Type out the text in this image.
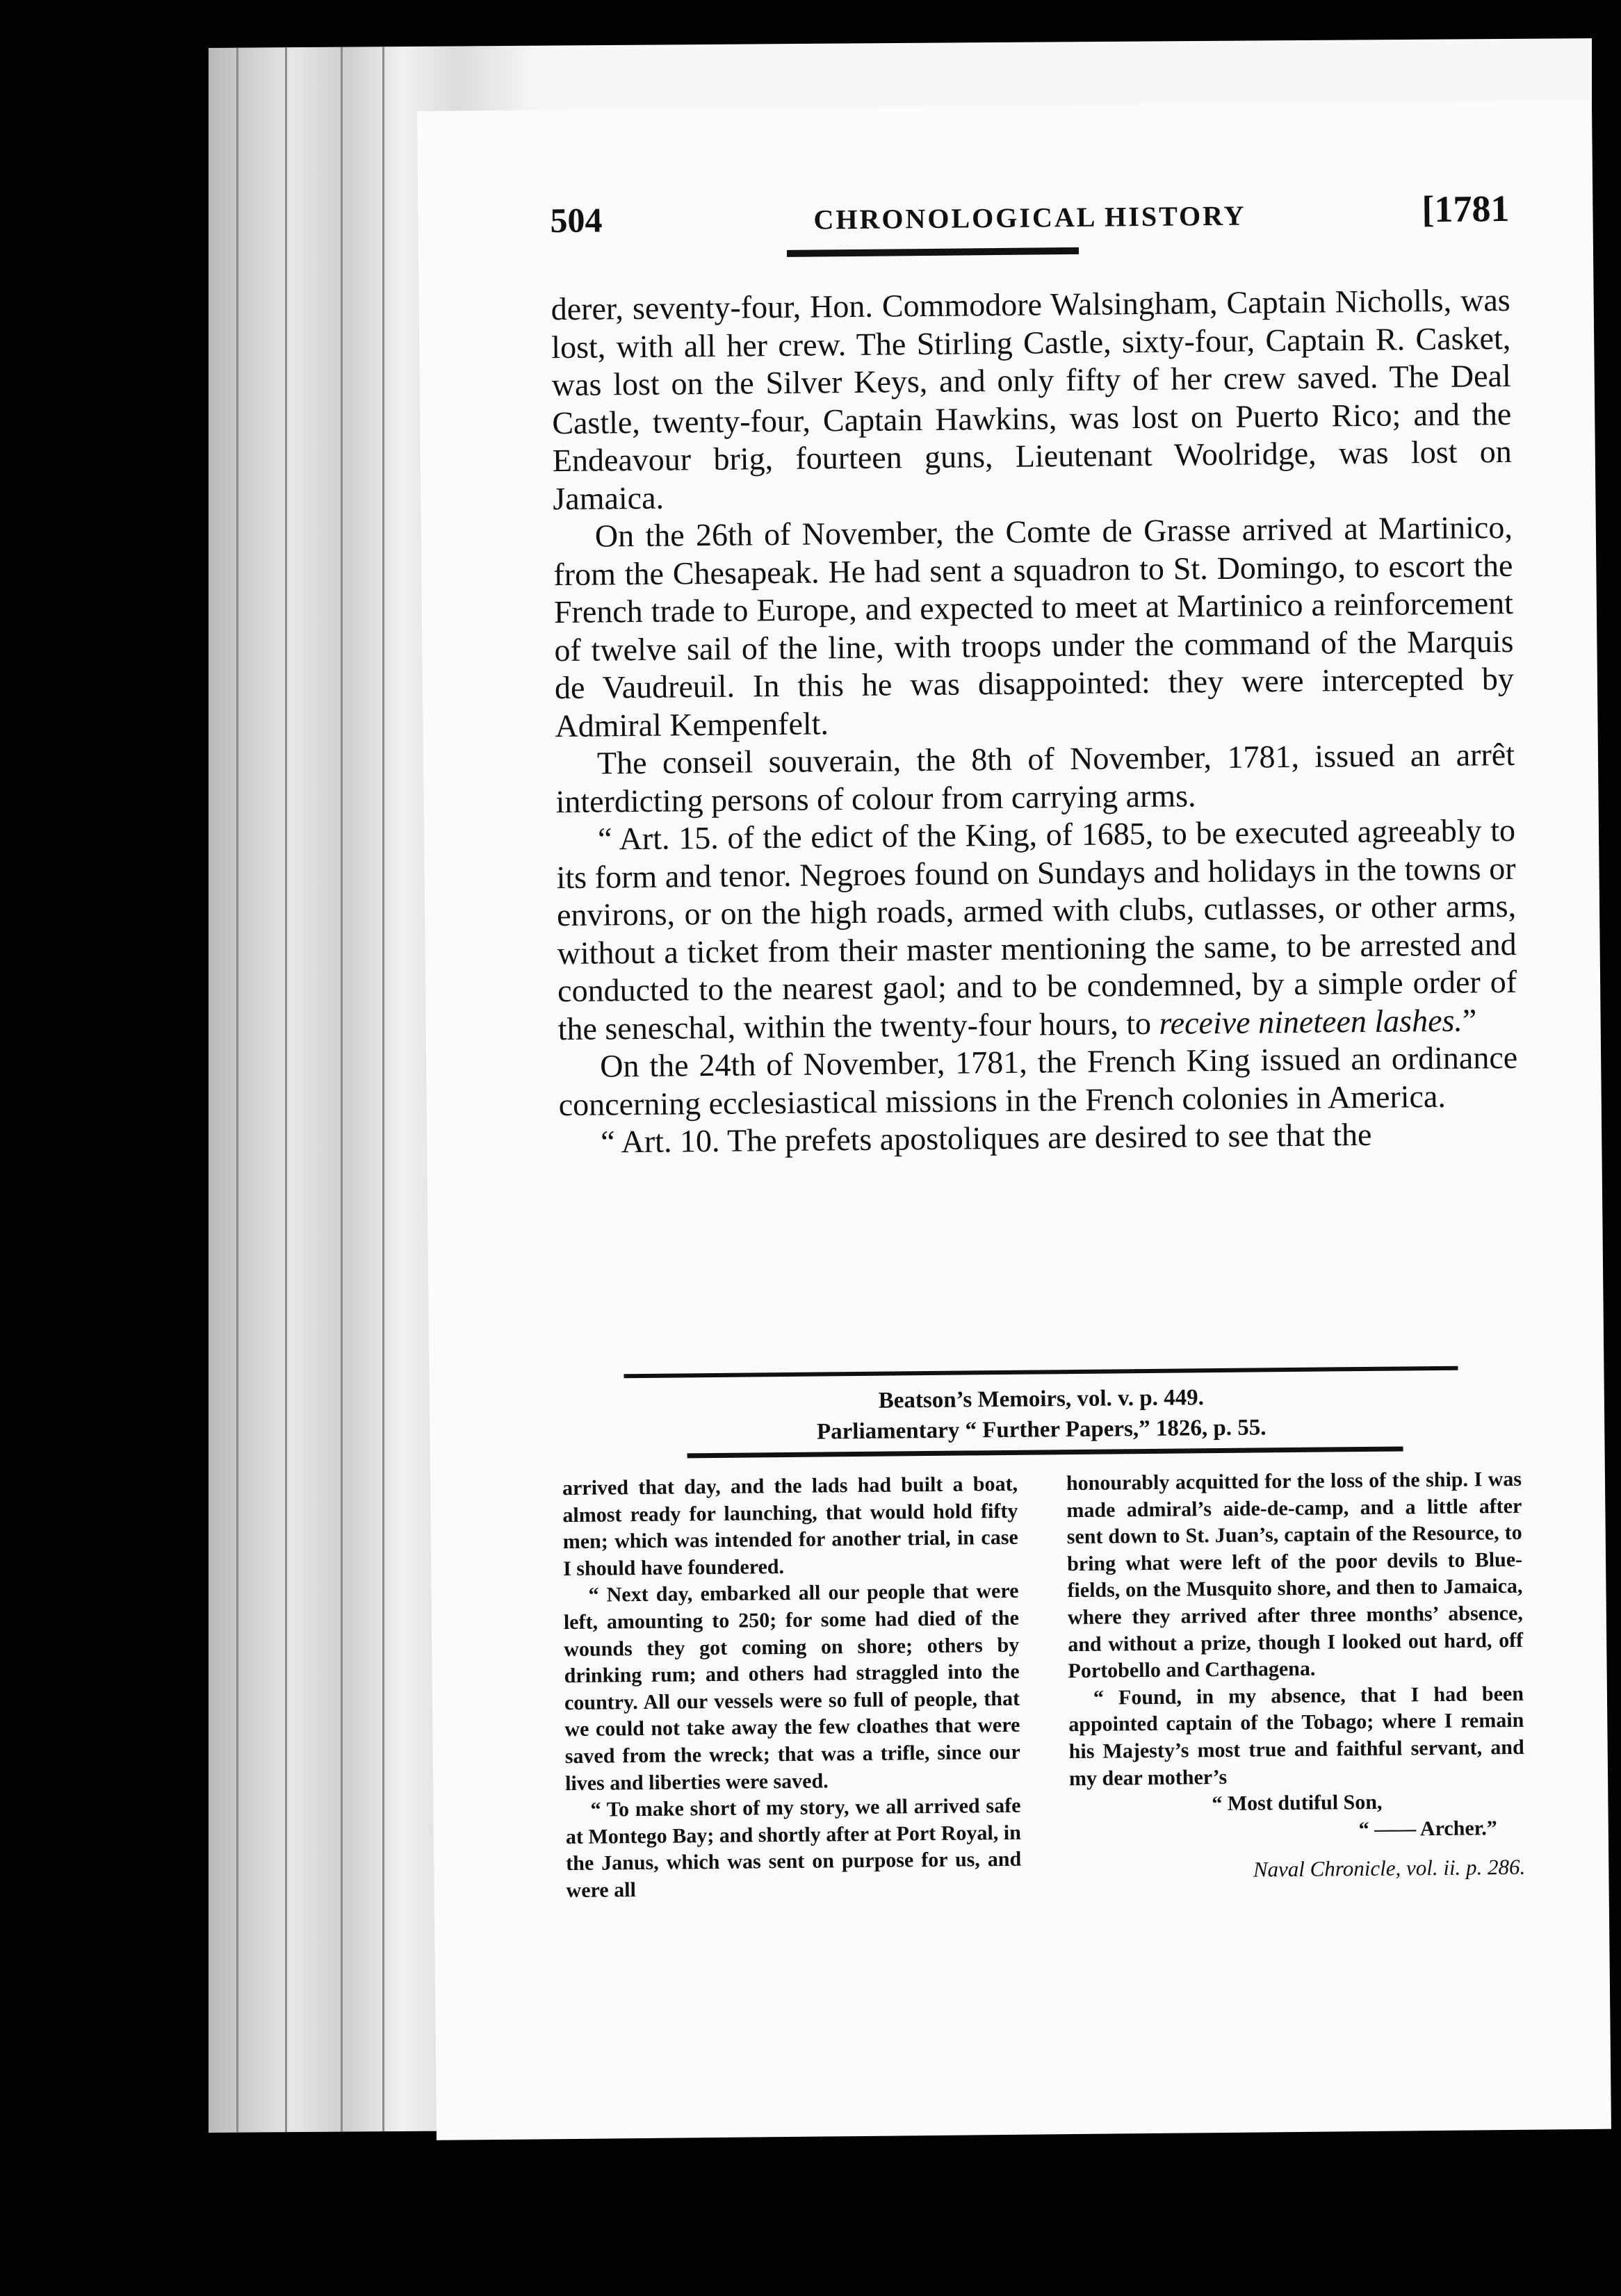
504	CHRONOLOGICAL HISTORY	[1781

derer, seventy-four, Hon. Commodore Walsingham, Captain Nicholls, was lost, with all her crew. The Stirling Castle, sixty-four, Captain R. Casket, was lost on the Silver Keys, and only fifty of her crew saved. The Deal Castle, twenty-four, Captain Hawkins, was lost on Puerto Rico; and the Endeavour brig, fourteen guns, Lieutenant Woolridge, was lost on Jamaica.

On the 26th of November, the Comte de Grasse arrived at Martinico, from the Chesapeak. He had sent a squadron to St. Domingo, to escort the French trade to Europe, and expected to meet at Martinico a reinforcement of twelve sail of the line, with troops under the command of the Marquis de Vaudreuil. In this he was disappointed: they were intercepted by Admiral Kempenfelt.

The conseil souverain, the 8th of November, 1781, issued an arrêt interdicting persons of colour from carrying arms.

“ Art. 15. of the edict of the King, of 1685, to be executed agreeably to its form and tenor. Negroes found on Sundays and holidays in the towns or environs, or on the high roads, armed with clubs, cutlasses, or other arms, without a ticket from their master mentioning the same, to be arrested and conducted to the nearest gaol; and to be condemned, by a simple order of the seneschal, within the twenty-four hours, to receive nineteen lashes.”

On the 24th of November, 1781, the French King issued an ordinance concerning ecclesiastical missions in the French colonies in America.

“ Art. 10. The prefets apostoliques are desired to see that the

Beatson’s Memoirs, vol. v. p. 449.
Parliamentary “ Further Papers,” 1826, p. 55.

arrived that day, and the lads had built a boat, almost ready for launching, that would hold fifty men; which was intended for another trial, in case I should have foundered.

“ Next day, embarked all our people that were left, amounting to 250; for some had died of the wounds they got coming on shore; others by drinking rum; and others had straggled into the country. All our vessels were so full of people, that we could not take away the few cloathes that were saved from the wreck; that was a trifle, since our lives and liberties were saved.

“ To make short of my story, we all arrived safe at Montego Bay; and shortly after at Port Royal, in the Janus, which was sent on purpose for us, and were all

honourably acquitted for the loss of the ship. I was made admiral’s aide-de-camp, and a little after sent down to St. Juan’s, captain of the Resource, to bring what were left of the poor devils to Blue-fields, on the Musquito shore, and then to Jamaica, where they arrived after three months’ absence, and without a prize, though I looked out hard, off Portobello and Carthagena.

“ Found, in my absence, that I had been appointed captain of the Tobago; where I remain his Majesty’s most true and faithful servant, and my dear mother’s

“ Most dutiful Son,

“ —— Archer.”

Naval Chronicle, vol. ii. p. 286.
